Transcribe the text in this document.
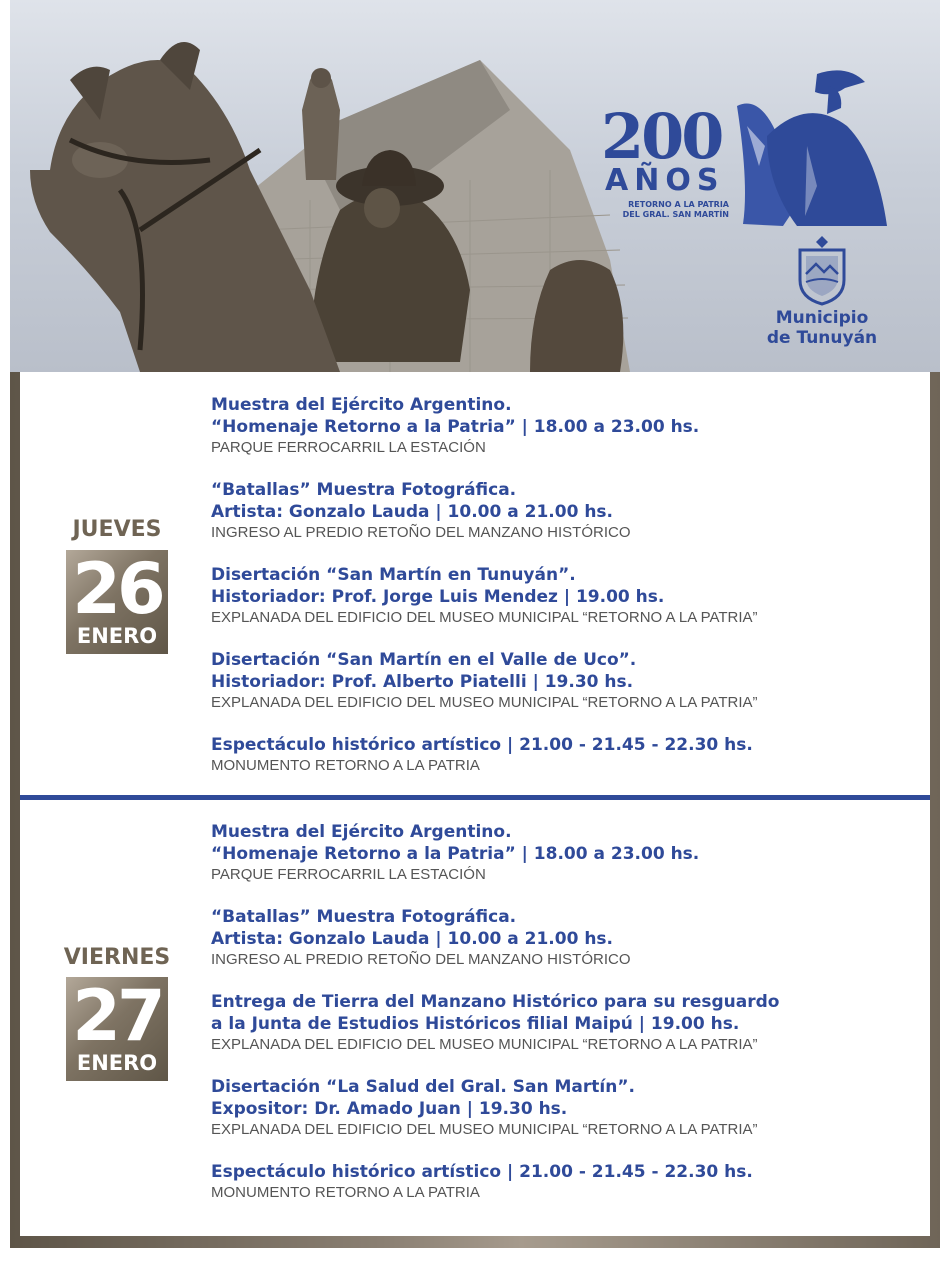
200
AÑOS
RETORNO A LA PATRIA
DEL GRAL. SAN MARTÍN
Municipio
de Tunuyán
JUEVES
26
ENERO

Muestra del Ejército Argentino.

“Homenaje Retorno a la Patria” | 18.00 a 23.00 hs.

PARQUE FERROCARRIL LA ESTACIÓN

“Batallas” Muestra Fotográfica.

Artista: Gonzalo Lauda | 10.00 a 21.00 hs.

INGRESO AL PREDIO RETOÑO DEL MANZANO HISTÓRICO

Disertación “San Martín en Tunuyán”.

Historiador: Prof. Jorge Luis Mendez | 19.00 hs.

EXPLANADA DEL EDIFICIO DEL MUSEO MUNICIPAL “RETORNO A LA PATRIA”

Disertación “San Martín en el Valle de Uco”.

Historiador: Prof. Alberto Piatelli | 19.30 hs.

EXPLANADA DEL EDIFICIO DEL MUSEO MUNICIPAL “RETORNO A LA PATRIA”

Espectáculo histórico artístico | 21.00 - 21.45 - 22.30 hs.

MONUMENTO RETORNO A LA PATRIA

VIERNES
27
ENERO

Muestra del Ejército Argentino.

“Homenaje Retorno a la Patria” | 18.00 a 23.00 hs.

PARQUE FERROCARRIL LA ESTACIÓN

“Batallas” Muestra Fotográfica.

Artista: Gonzalo Lauda | 10.00 a 21.00 hs.

INGRESO AL PREDIO RETOÑO DEL MANZANO HISTÓRICO

Entrega de Tierra del Manzano Histórico para su resguardo

a la Junta de Estudios Históricos filial Maipú | 19.00 hs.

EXPLANADA DEL EDIFICIO DEL MUSEO MUNICIPAL “RETORNO A LA PATRIA”

Disertación “La Salud del Gral. San Martín”.

Expositor: Dr. Amado Juan | 19.30 hs.

EXPLANADA DEL EDIFICIO DEL MUSEO MUNICIPAL “RETORNO A LA PATRIA”

Espectáculo histórico artístico | 21.00 - 21.45 - 22.30 hs.

MONUMENTO RETORNO A LA PATRIA
